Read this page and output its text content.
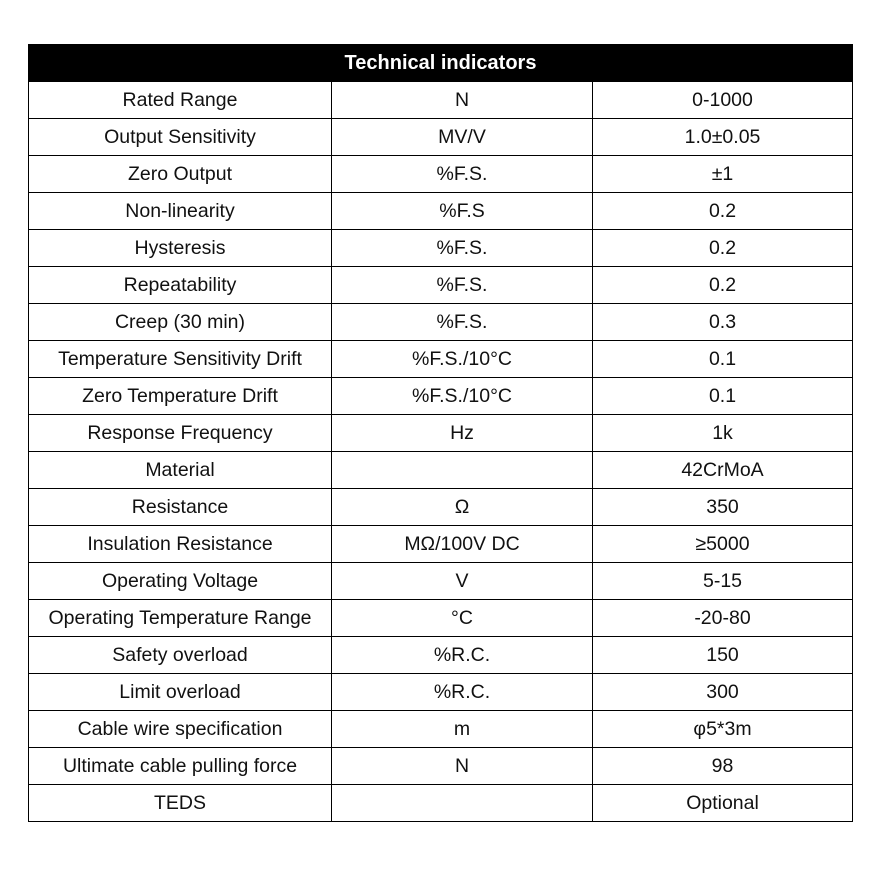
Technical indicators		
Rated Range	N	0-1000
Output Sensitivity	MV/V	1.0±0.05
Zero Output	%F.S.	±1
Non-linearity	%F.S	0.2
Hysteresis	%F.S.	0.2
Repeatability	%F.S.	0.2
Creep (30 min)	%F.S.	0.3
Temperature Sensitivity Drift	%F.S./10°C	0.1
Zero Temperature Drift	%F.S./10°C	0.1
Response Frequency	Hz	1k
Material		42CrMoA
Resistance	Ω	350
Insulation Resistance	MΩ/100V DC	≥5000
Operating Voltage	V	5-15
Operating Temperature Range	°C	-20-80
Safety overload	%R.C.	150
Limit overload	%R.C.	300
Cable wire specification	m	φ5*3m
Ultimate cable pulling force	N	98
TEDS		Optional
